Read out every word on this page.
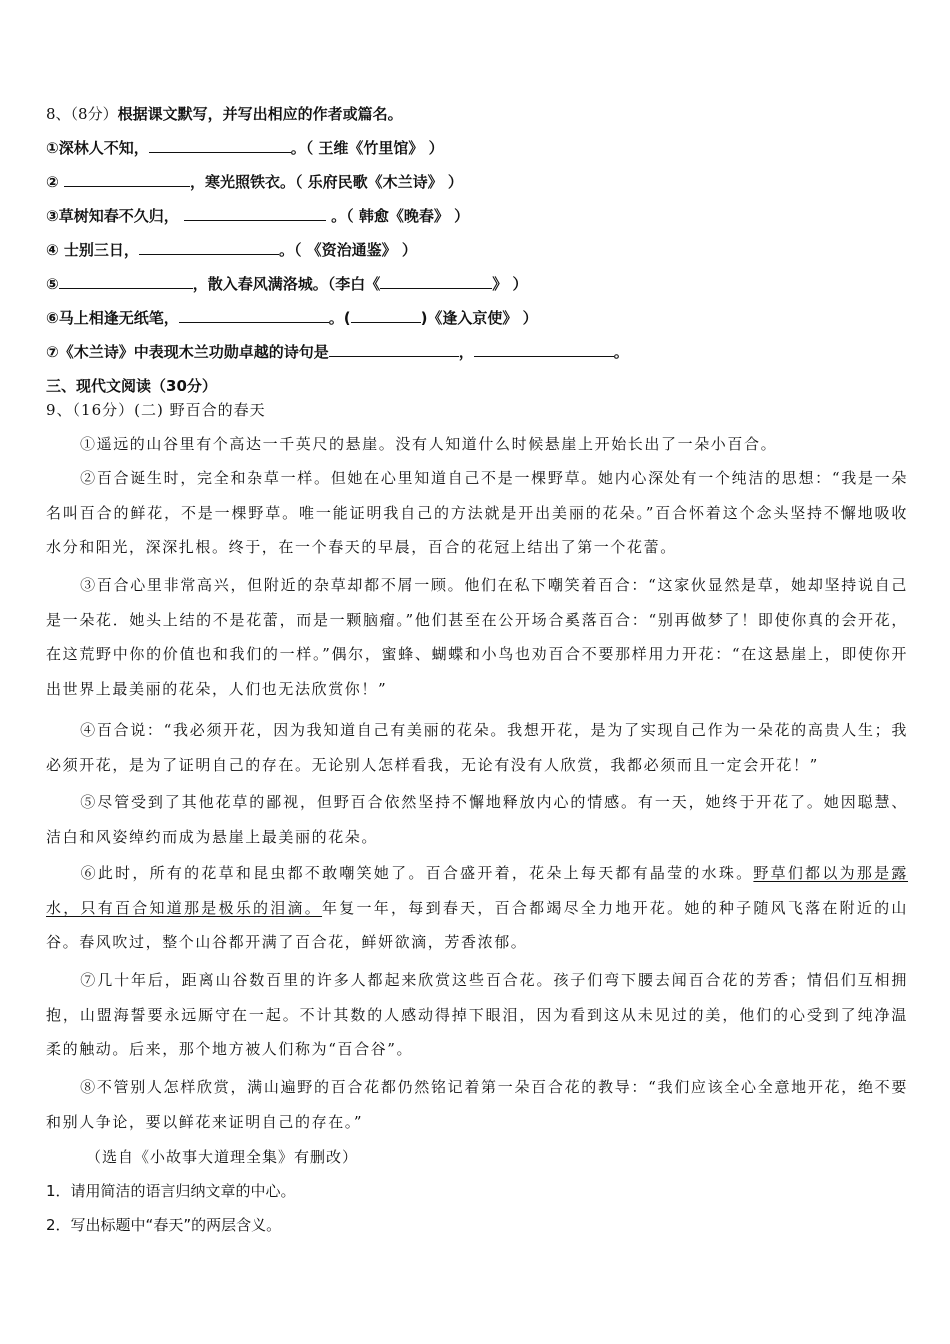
8、（8分）根据课文默写，并写出相应的作者或篇名。
①深林人不知，	。（ 王维《竹里馆》 ）
②	，寒光照铁衣。（ 乐府民歌《木兰诗》 ）
③草树知春不久归，	。（ 韩愈《晚春》 ）
④ 士别三日，	。（ 《资治通鉴》 ）
⑤	，散入春风满洛城。（李白《	》 ）
⑥马上相逢无纸笔，	。(	)《逢入京使》 ）
⑦《木兰诗》中表现木兰功勋卓越的诗句是	，	。
三、现代文阅读（30分）
9、（16分）(二) 野百合的春天
①遥远的山谷里有个高达一千英尺的悬崖。没有人知道什么时候悬崖上开始长出了一朵小百合。
②百合诞生时，完全和杂草一样。但她在心里知道自己不是一棵野草。她内心深处有一个纯洁的思想：“我是一朵名叫百合的鲜花，不是一棵野草。唯一能证明我自己的方法就是开出美丽的花朵。”百合怀着这个念头坚持不懈地吸收水分和阳光，深深扎根。终于，在一个春天的早晨，百合的花冠上结出了第一个花蕾。
③百合心里非常高兴，但附近的杂草却都不屑一顾。他们在私下嘲笑着百合：“这家伙显然是草，她却坚持说自己是一朵花．她头上结的不是花蕾，而是一颗脑瘤。”他们甚至在公开场合奚落百合：“别再做梦了！即使你真的会开花，在这荒野中你的价值也和我们的一样。”偶尔，蜜蜂、蝴蝶和小鸟也劝百合不要那样用力开花：“在这悬崖上，即使你开出世界上最美丽的花朵，人们也无法欣赏你！”
④百合说：“我必须开花，因为我知道自己有美丽的花朵。我想开花，是为了实现自己作为一朵花的高贵人生；我必须开花，是为了证明自己的存在。无论别人怎样看我，无论有没有人欣赏，我都必须而且一定会开花！”
⑤尽管受到了其他花草的鄙视，但野百合依然坚持不懈地释放内心的情感。有一天，她终于开花了。她因聪慧、洁白和风姿绰约而成为悬崖上最美丽的花朵。
⑥此时，所有的花草和昆虫都不敢嘲笑她了。百合盛开着，花朵上每天都有晶莹的水珠。野草们都以为那是露水，只有百合知道那是极乐的泪滴。年复一年，每到春天，百合都竭尽全力地开花。她的种子随风飞落在附近的山谷。春风吹过，整个山谷都开满了百合花，鲜妍欲滴，芳香浓郁。
⑦几十年后，距离山谷数百里的许多人都起来欣赏这些百合花。孩子们弯下腰去闻百合花的芳香；情侣们互相拥抱，山盟海誓要永远厮守在一起。不计其数的人感动得掉下眼泪，因为看到这从未见过的美，他们的心受到了纯净温柔的触动。后来，那个地方被人们称为“百合谷”。
⑧不管别人怎样欣赏，满山遍野的百合花都仍然铭记着第一朵百合花的教导：“我们应该全心全意地开花，绝不要和别人争论，要以鲜花来证明自己的存在。”
（选自《小故事大道理全集》有删改）
1．请用简洁的语言归纳文章的中心。
2．写出标题中“春天”的两层含义。
